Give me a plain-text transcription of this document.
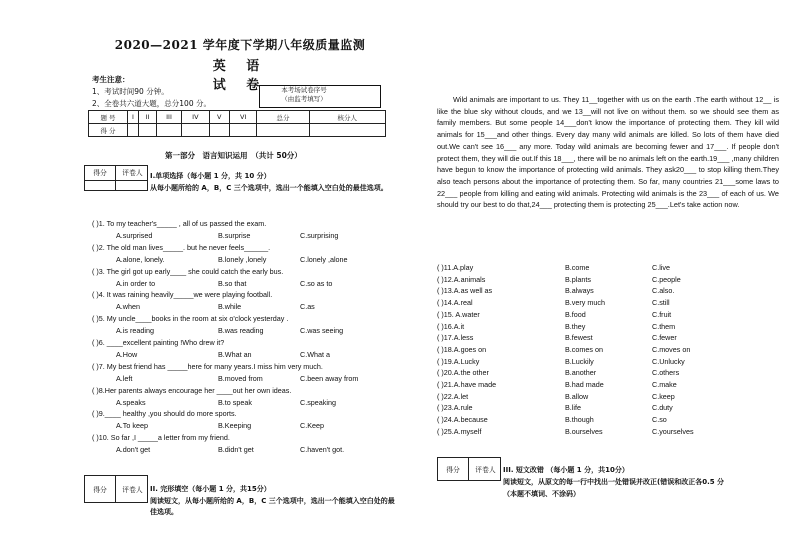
2020—2021 学年度下学期八年级质量监测
英 语 试 卷
考生注意：
1、考试时间90 分钟。
2、全卷共六道大题，总分100 分。
本考场试卷序号
（由监考填写）
题 号	I	II	III	IV	V	VI	总分	核分人
得 分								
第一部分　语言知识运用　（共计 50分）
得分	评卷人	I.单项选择（每小题 1 分，共 10 分）
从每小题所给的 A，B，C 三个选项中，选出一个能填入空白处的最佳选项。
( )1. To my teacher's_____ , all of us passed the exam.
A.surprised	B.surprise	C.surprising
( )2. The old man lives_____. but he never feels______.
A.alone, lonely.	B.lonely ,lonely	C.lonely ,alone
( )3. The girl got up early____ she could catch the early bus.
A.in order to	B.so that	C.so as to
( )4. It was raining heavily_____we were playing football.
A.when	B.while	C.as
( )5. My uncle____books in the room at six o'clock yesterday .
A.is reading	B.was reading	C.was seeing
( )6. ____excellent painting !Who drew it?
A.How	B.What an	C.What a
( )7. My best friend has _____here for many years.I miss him very much.
A.left	B.moved from	C.been away from
( )8.Her parents always encourage her ____out her own ideas.
A.speaks	B.to speak	C.speaking
( )9.____ healthy ,you should do more sports.
A.To keep	B.Keeping	C.Keep
( )10. So far ,I _____a letter from my friend.
A.don't get	B.didn't get	C.haven't got.
得分	评卷人	II. 完形填空（每小题 1 分，共15分）
阅读短文，从每小题所给的 A，B，C 三个选项中，选出一个能填入空白处的最佳选项。

Wild animals are important to us. They 11__together with us on the earth .The earth without 12__ is like the blue sky without clouds, and we 13__will not live on without them. so we should see them as family members. But some people 14___don't know the importance of protecting them. They kill wild animals for 15___and other things. Every day many wild animals are killed. So lots of them have died out.We can't see 16___ any more. Today wild animals are becoming fewer and 17___. If people don't protect them, they will die out.If this 18___, there will be no animals left on the earth.19___ ,many children have begun to know the importance of protecting wild animals. They ask20___ to stop killing them.They also teach persons about the importance of protecting them. So far, many countries 21___some laws to 22___ people from killing and eating wild animals. Protecting wild animals is the 23___ of each of us. We should try our best to do that,24___ protecting them is protecting 25___.Let's take action now.

( )11.A.play	B.come	C.live
( )12.A.animals	B.plants	C.people
( )13.A.as well as	B.always	C.also.
( )14.A.real	B.very much	C.still
( )15. A.water	B.food	C.fruit
( )16.A.it	B.they	C.them
( )17.A.less	B.fewest	C.fewer
( )18.A.goes on	B.comes on	C.moves on
( )19.A.Lucky	B.Luckily	C.Unlucky
( )20.A.the other	B.another	C.others
( )21.A.have made	B.had made	C.make
( )22.A.let	B.allow	C.keep
( )23.A.rule	B.life	C.duty
( )24.A.because	B.though	C.so
( )25.A.myself	B.ourselves	C.yourselves
得分	评卷人	III. 短文改错 （每小题 1 分，共10分）
阅读短文，从原文的每一行中找出一处错误并改正(错误和改正各0.5 分
（本题不填词、不涂码）
